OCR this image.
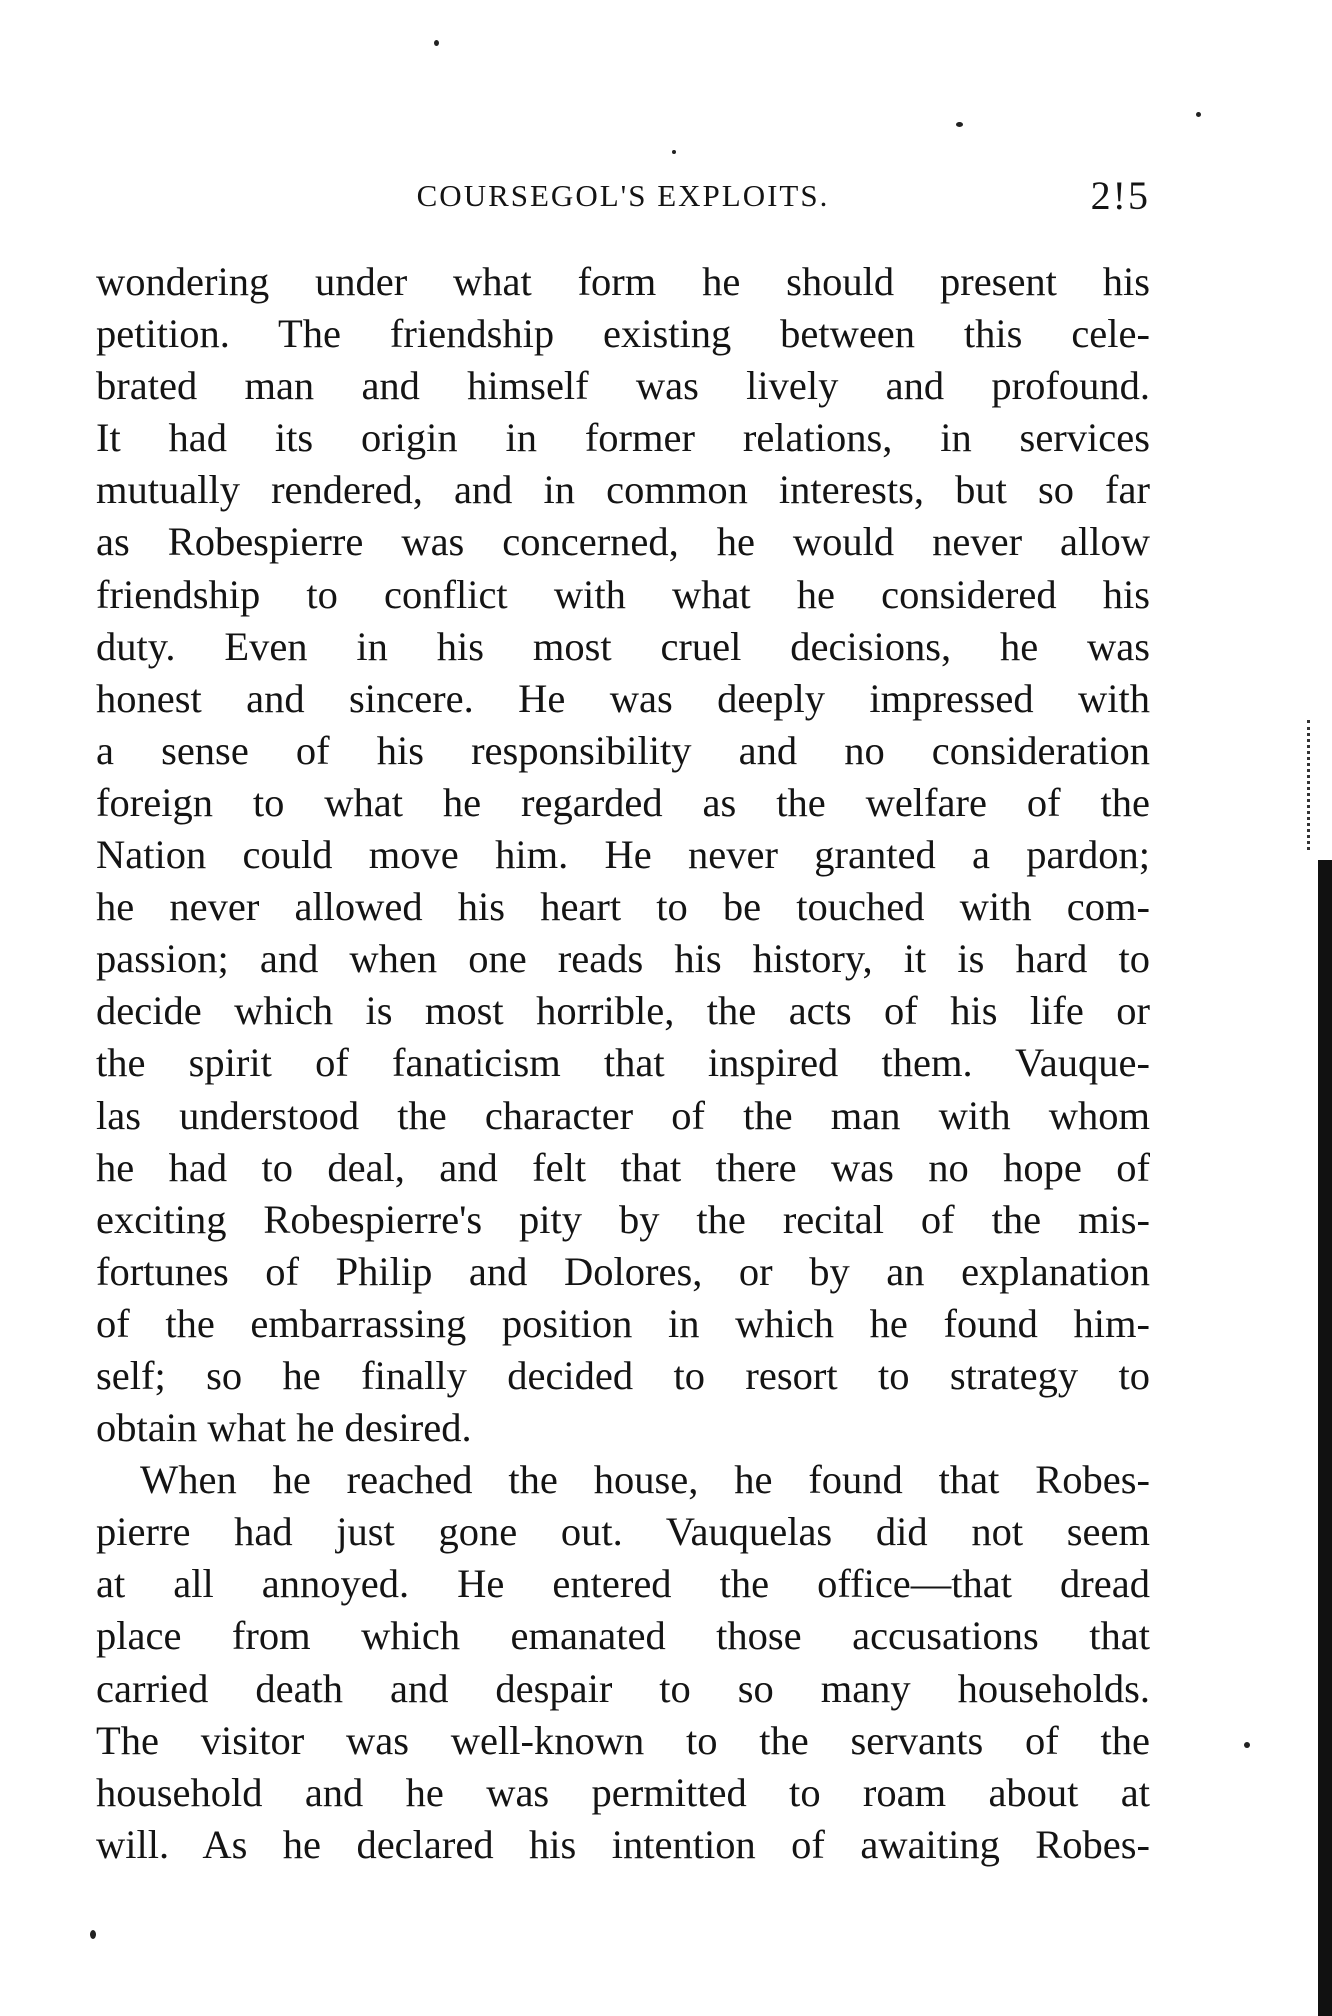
COURSEGOL'S EXPLOITS.	2!5
wondering under what form he should present his
petition. The friendship existing between this cele-
brated man and himself was lively and profound.
It had its origin in former relations, in services
mutually rendered, and in common interests, but so far
as Robespierre was concerned, he would never allow
friendship to conflict with what he considered his
duty. Even in his most cruel decisions, he was
honest and sincere. He was deeply impressed with
a sense of his responsibility and no consideration
foreign to what he regarded as the welfare of the
Nation could move him. He never granted a pardon;
he never allowed his heart to be touched with com-
passion; and when one reads his history, it is hard to
decide which is most horrible, the acts of his life or
the spirit of fanaticism that inspired them. Vauque-
las understood the character of the man with whom
he had to deal, and felt that there was no hope of
exciting Robespierre's pity by the recital of the mis-
fortunes of Philip and Dolores, or by an explanation
of the embarrassing position in which he found him-
self; so he finally decided to resort to strategy to
obtain what he desired.
When he reached the house, he found that Robes-
pierre had just gone out. Vauquelas did not seem
at all annoyed. He entered the office—that dread
place from which emanated those accusations that
carried death and despair to so many households.
The visitor was well-known to the servants of the
household and he was permitted to roam about at
will. As he declared his intention of awaiting Robes-
